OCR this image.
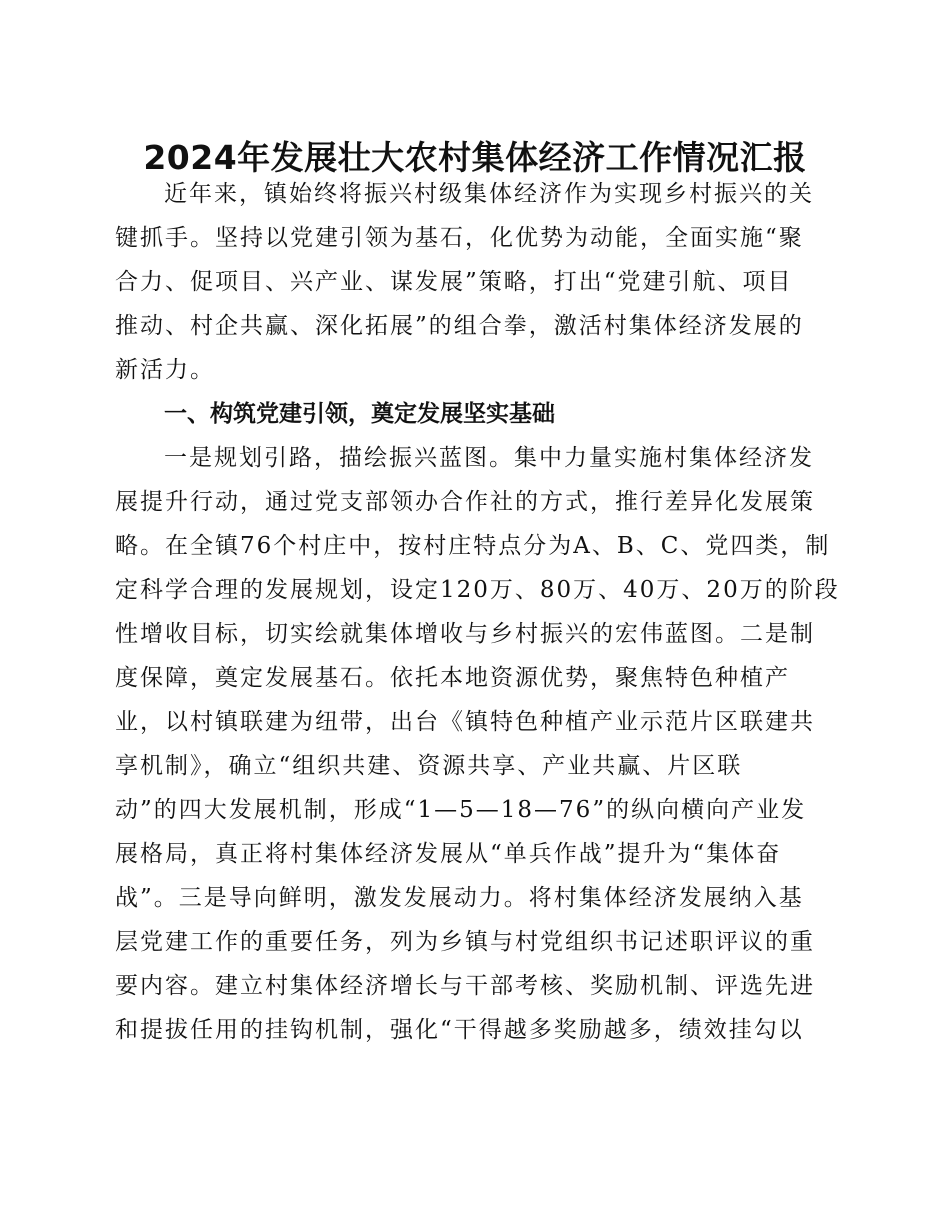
2024年发展壮大农村集体经济工作情况汇报

近年来，镇始终将振兴村级集体经济作为实现乡村振兴的关

键抓手。坚持以党建引领为基石，化优势为动能，全面实施“聚

合力、促项目、兴产业、谋发展”策略，打出“党建引航、项目

推动、村企共赢、深化拓展”的组合拳，激活村集体经济发展的

新活力。

一、构筑党建引领，奠定发展坚实基础

一是规划引路，描绘振兴蓝图。集中力量实施村集体经济发

展提升行动，通过党支部领办合作社的方式，推行差异化发展策

略。在全镇76个村庄中，按村庄特点分为A、B、C、党四类，制

定科学合理的发展规划，设定120万、80万、40万、20万的阶段

性增收目标，切实绘就集体增收与乡村振兴的宏伟蓝图。二是制

度保障，奠定发展基石。依托本地资源优势，聚焦特色种植产

业，以村镇联建为纽带，出台《镇特色种植产业示范片区联建共

享机制》，确立“组织共建、资源共享、产业共赢、片区联

动”的四大发展机制，形成“1—5—18—76”的纵向横向产业发

展格局，真正将村集体经济发展从“单兵作战”提升为“集体奋

战”。三是导向鲜明，激发发展动力。将村集体经济发展纳入基

层党建工作的重要任务，列为乡镇与村党组织书记述职评议的重

要内容。建立村集体经济增长与干部考核、奖励机制、评选先进

和提拔任用的挂钩机制，强化“干得越多奖励越多，绩效挂勾以
